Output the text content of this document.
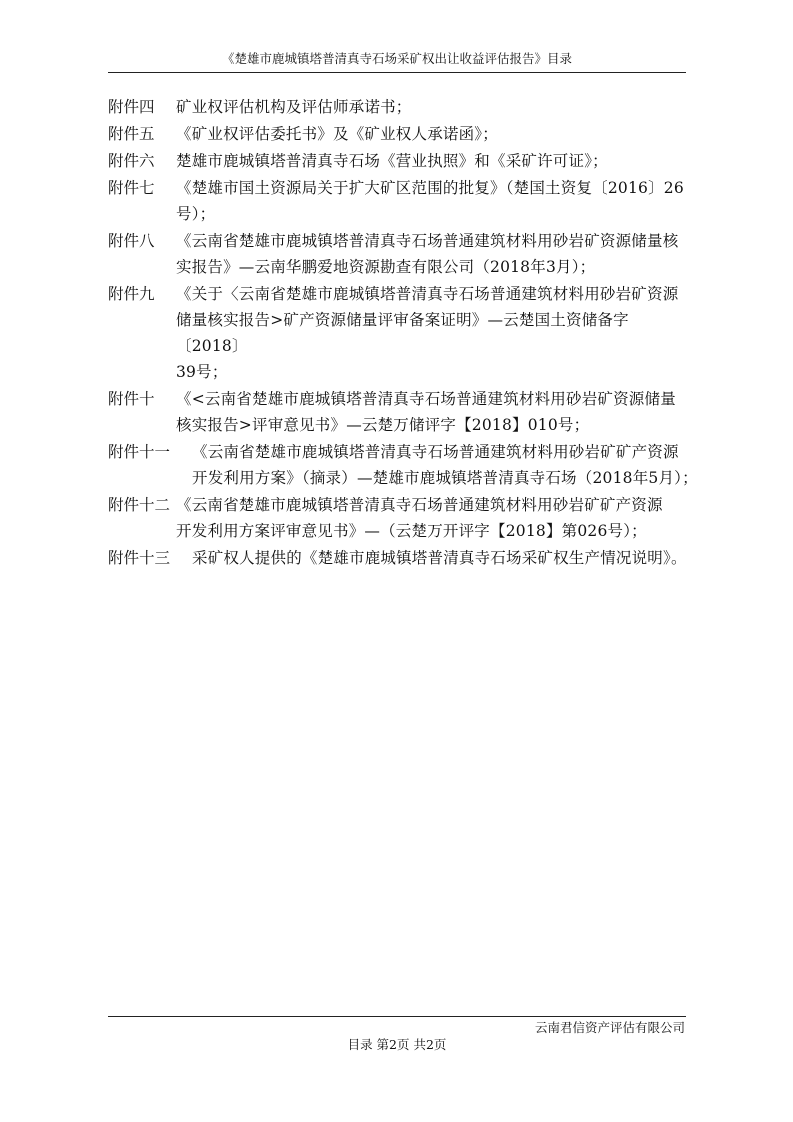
《楚雄市鹿城镇塔普清真寺石场采矿权出让收益评估报告》目录
附件四	矿业权评估机构及评估师承诺书；
附件五	《矿业权评估委托书》及《矿业权人承诺函》；
附件六	楚雄市鹿城镇塔普清真寺石场《营业执照》和《采矿许可证》；
附件七	《楚雄市国土资源局关于扩大矿区范围的批复》（楚国土资复〔2016〕26
号）；
附件八	《云南省楚雄市鹿城镇塔普清真寺石场普通建筑材料用砂岩矿资源储量核
实报告》—云南华鹏爱地资源勘查有限公司（2018年3月）；
附件九	《关于〈云南省楚雄市鹿城镇塔普清真寺石场普通建筑材料用砂岩矿资源
储量核实报告>矿产资源储量评审备案证明》—云楚国土资储备字〔2018〕
39号；
附件十	《<云南省楚雄市鹿城镇塔普清真寺石场普通建筑材料用砂岩矿资源储量
核实报告>评审意见书》—云楚万储评字【2018】010号；
附件十一	《云南省楚雄市鹿城镇塔普清真寺石场普通建筑材料用砂岩矿矿产资源
开发利用方案》（摘录）—楚雄市鹿城镇塔普清真寺石场（2018年5月）；
附件十二 《云南省楚雄市鹿城镇塔普清真寺石场普通建筑材料用砂岩矿矿产资源
开发利用方案评审意见书》—（云楚万开评字【2018】第026号）；
附件十三	采矿权人提供的《楚雄市鹿城镇塔普清真寺石场采矿权生产情况说明》。
云南君信资产评估有限公司
目录 第2页 共2页
